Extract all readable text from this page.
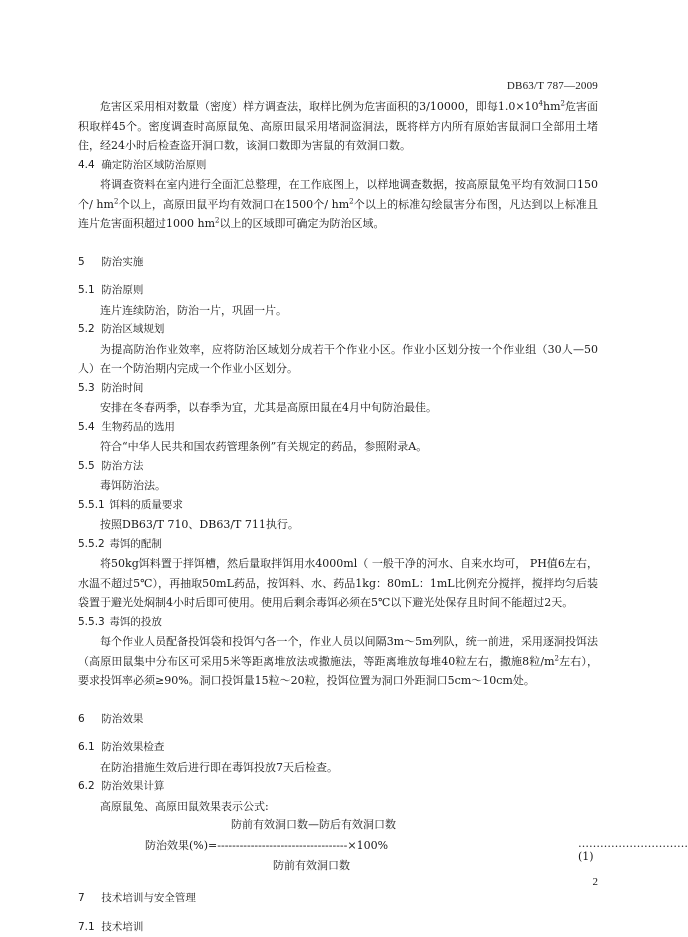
DB63/T 787—2009

危害区采用相对数量（密度）样方调查法，取样比例为危害面积的3/10000，即每$1.0\times 10^4hm^2$危害面积取样45个。密度调查时高原鼠兔、高原田鼠采用堵洞盗洞法，既将样方内所有原始害鼠洞口全部用土堵住，经24小时后检查盗开洞口数，该洞口数即为害鼠的有效洞口数。

4.4 确定防治区域防治原则

将调查资料在室内进行全面汇总整理，在工作底图上，以样地调查数据，按高原鼠兔平均有效洞口150个/ $hm^2$个以上，高原田鼠平均有效洞口在1500个/ $hm^2$个以上的标准勾绘鼠害分布图，凡达到以上标准且连片危害面积超过1000 $hm^2$以上的区域即可确定为防治区域。

5 防治实施
5.1 防治原则

连片连续防治，防治一片，巩固一片。

5.2 防治区域规划

为提高防治作业效率，应将防治区域划分成若干个作业小区。作业小区划分按一个作业组（30人—50人）在一个防治期内完成一个作业小区划分。

5.3 防治时间

安排在冬春两季，以春季为宜，尤其是高原田鼠在4月中旬防治最佳。

5.4 生物药品的选用

符合“中华人民共和国农药管理条例”有关规定的药品，参照附录A。

5.5 防治方法

毒饵防治法。

5.5.1 饵料的质量要求

按照DB63/T 710、DB63/T 711执行。

5.5.2 毒饵的配制

将50kg饵料置于拌饵槽，然后量取拌饵用水4000ml（ 一般干净的河水、自来水均可， PH值6左右，水温不超过5℃），再抽取50mL药品，按饵料、水、药品1kg：80mL：1mL比例充分搅拌，搅拌均匀后装袋置于避光处焖制4小时后即可使用。使用后剩余毒饵必须在5℃以下避光处保存且时间不能超过2天。

5.5.3 毒饵的投放

每个作业人员配备投饵袋和投饵勺各一个，作业人员以间隔3m～5m列队，统一前进，采用逐洞投饵法（高原田鼠集中分布区可采用5米等距离堆放法或撒施法，等距离堆放每堆40粒左右，撒施8粒$/m^2$左右），要求投饵率必须≥90%。洞口投饵量15粒～20粒，投饵位置为洞口外距洞口5cm～10cm处。

6 防治效果
6.1 防治效果检查

在防治措施生效后进行即在毒饵投放7天后检查。

6.2 防治效果计算

高原鼠兔、高原田鼠效果表示公式:

防前有效洞口数—防后有效洞口数
防治效果(%)=-----------------------------------×100%	…………………………(1)
防前有效洞口数
7 技术培训与安全管理
7.1 技术培训
2
